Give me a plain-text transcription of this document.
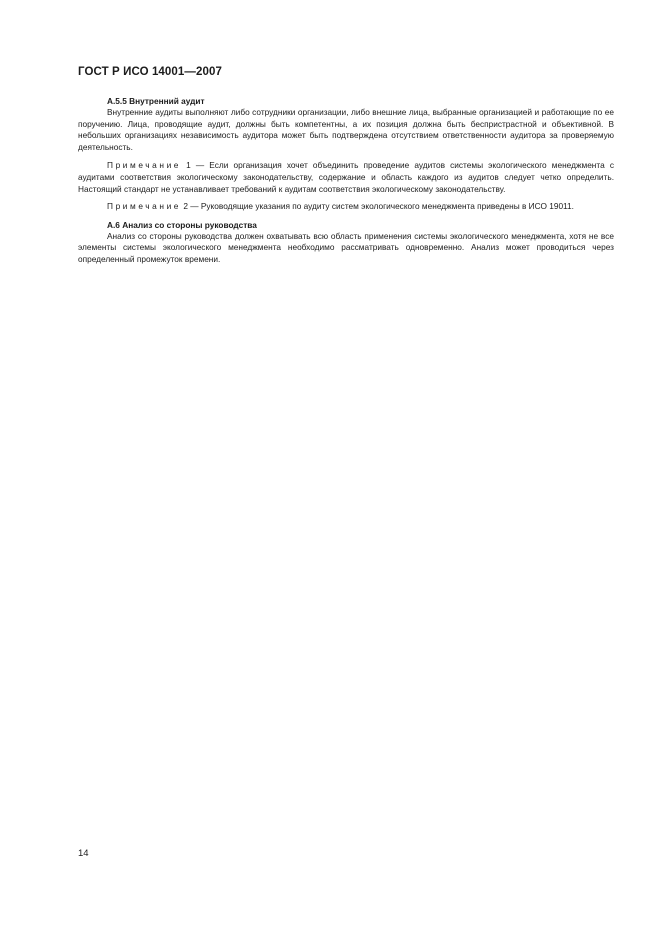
ГОСТ Р ИСО 14001—2007
А.5.5 Внутренний аудит

Внутренние аудиты выполняют либо сотрудники организации, либо внешние лица, выбранные организацией и работающие по ее поручению. Лица, проводящие аудит, должны быть компетентны, а их позиция должна быть беспристрастной и объективной. В небольших организациях независимость аудитора может быть подтверждена отсутствием ответственности аудитора за проверяемую деятельность.

Примечание 1 — Если организация хочет объединить проведение аудитов системы экологического менеджмента с аудитами соответствия экологическому законодательству, содержание и область каждого из аудитов следует четко определить. Настоящий стандарт не устанавливает требований к аудитам соответствия экологическому законодательству.

Примечание 2 — Руководящие указания по аудиту систем экологического менеджмента приведены в ИСО 19011.

А.6 Анализ со стороны руководства

Анализ со стороны руководства должен охватывать всю область применения системы экологического менеджмента, хотя не все элементы системы экологического менеджмента необходимо рассматривать одновременно. Анализ может проводиться через определенный промежуток времени.

14
